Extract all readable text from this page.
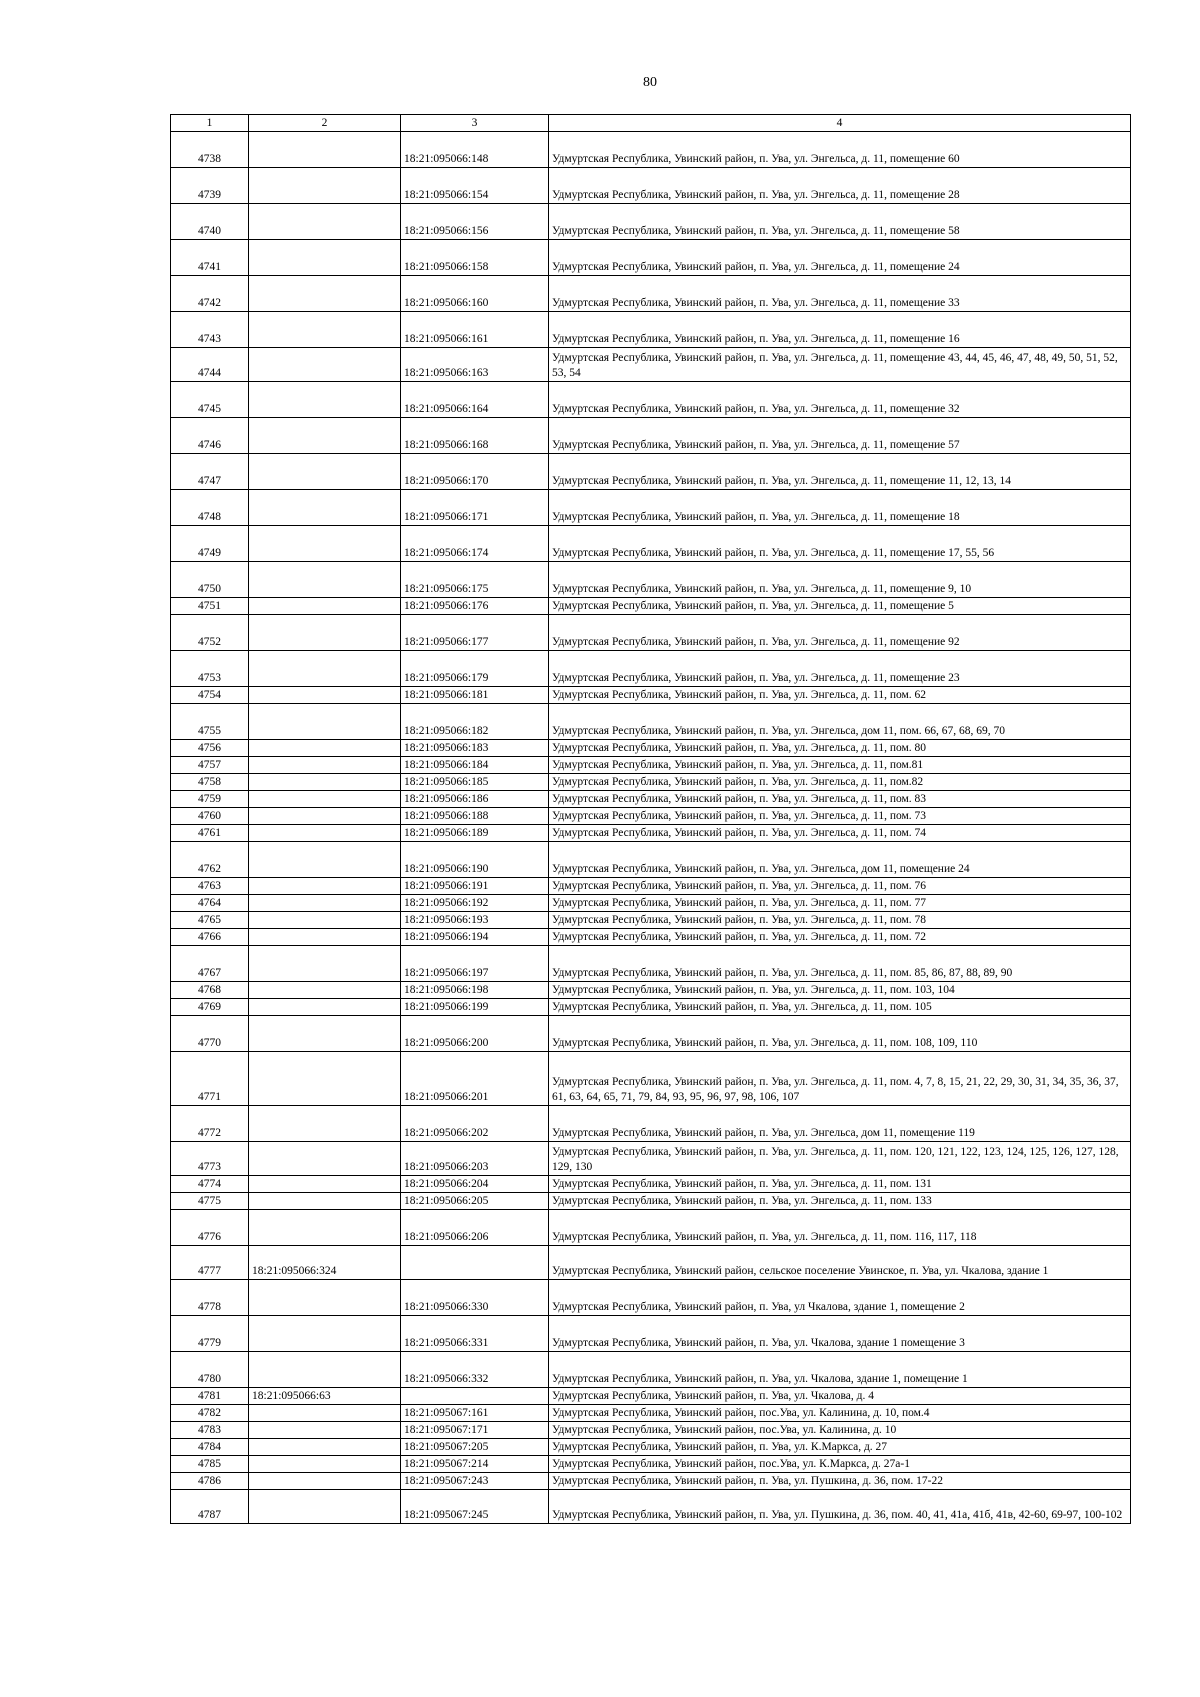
80
1	2	3	4
4738		18:21:095066:148	Удмуртская Республика, Увинский район, п. Ува, ул. Энгельса, д. 11, помещение 60
4739		18:21:095066:154	Удмуртская Республика, Увинский район, п. Ува, ул. Энгельса, д. 11, помещение 28
4740		18:21:095066:156	Удмуртская Республика, Увинский район, п. Ува, ул. Энгельса, д. 11, помещение 58
4741		18:21:095066:158	Удмуртская Республика, Увинский район, п. Ува, ул. Энгельса, д. 11, помещение 24
4742		18:21:095066:160	Удмуртская Республика, Увинский район, п. Ува, ул. Энгельса, д. 11, помещение 33
4743		18:21:095066:161	Удмуртская Республика, Увинский район, п. Ува, ул. Энгельса, д. 11, помещение 16
4744		18:21:095066:163	Удмуртская Республика, Увинский район, п. Ува, ул. Энгельса, д. 11, помещение 43, 44, 45, 46, 47, 48, 49, 50, 51, 52, 53, 54
4745		18:21:095066:164	Удмуртская Республика, Увинский район, п. Ува, ул. Энгельса, д. 11, помещение 32
4746		18:21:095066:168	Удмуртская Республика, Увинский район, п. Ува, ул. Энгельса, д. 11, помещение 57
4747		18:21:095066:170	Удмуртская Республика, Увинский район, п. Ува, ул. Энгельса, д. 11, помещение 11, 12, 13, 14
4748		18:21:095066:171	Удмуртская Республика, Увинский район, п. Ува, ул. Энгельса, д. 11, помещение 18
4749		18:21:095066:174	Удмуртская Республика, Увинский район, п. Ува, ул. Энгельса, д. 11, помещение 17, 55, 56
4750		18:21:095066:175	Удмуртская Республика, Увинский район, п. Ува, ул. Энгельса, д. 11, помещение 9, 10
4751		18:21:095066:176	Удмуртская Республика, Увинский район, п. Ува, ул. Энгельса, д. 11, помещение 5
4752		18:21:095066:177	Удмуртская Республика, Увинский район, п. Ува, ул. Энгельса, д. 11, помещение 92
4753		18:21:095066:179	Удмуртская Республика, Увинский район, п. Ува, ул. Энгельса, д. 11, помещение 23
4754		18:21:095066:181	Удмуртская Республика, Увинский район, п. Ува, ул. Энгельса, д. 11, пом. 62
4755		18:21:095066:182	Удмуртская Республика, Увинский район, п. Ува, ул. Энгельса, дом 11, пом. 66, 67, 68, 69, 70
4756		18:21:095066:183	Удмуртская Республика, Увинский район, п. Ува, ул. Энгельса, д. 11, пом. 80
4757		18:21:095066:184	Удмуртская Республика, Увинский район, п. Ува, ул. Энгельса, д. 11, пом.81
4758		18:21:095066:185	Удмуртская Республика, Увинский район, п. Ува, ул. Энгельса, д. 11, пом.82
4759		18:21:095066:186	Удмуртская Республика, Увинский район, п. Ува, ул. Энгельса, д. 11, пом. 83
4760		18:21:095066:188	Удмуртская Республика, Увинский район, п. Ува, ул. Энгельса, д. 11, пом. 73
4761		18:21:095066:189	Удмуртская Республика, Увинский район, п. Ува, ул. Энгельса, д. 11, пом. 74
4762		18:21:095066:190	Удмуртская Республика, Увинский район, п. Ува, ул. Энгельса, дом 11, помещение 24
4763		18:21:095066:191	Удмуртская Республика, Увинский район, п. Ува, ул. Энгельса, д. 11, пом. 76
4764		18:21:095066:192	Удмуртская Республика, Увинский район, п. Ува, ул. Энгельса, д. 11, пом. 77
4765		18:21:095066:193	Удмуртская Республика, Увинский район, п. Ува, ул. Энгельса, д. 11, пом. 78
4766		18:21:095066:194	Удмуртская Республика, Увинский район, п. Ува, ул. Энгельса, д. 11, пом. 72
4767		18:21:095066:197	Удмуртская Республика, Увинский район, п. Ува, ул. Энгельса, д. 11, пом. 85, 86, 87, 88, 89, 90
4768		18:21:095066:198	Удмуртская Республика, Увинский район, п. Ува, ул. Энгельса, д. 11, пом. 103, 104
4769		18:21:095066:199	Удмуртская Республика, Увинский район, п. Ува, ул. Энгельса, д. 11, пом. 105
4770		18:21:095066:200	Удмуртская Республика, Увинский район, п. Ува, ул. Энгельса, д. 11, пом. 108, 109, 110
4771		18:21:095066:201	Удмуртская Республика, Увинский район, п. Ува, ул. Энгельса, д. 11, пом. 4, 7, 8, 15, 21, 22, 29, 30, 31, 34, 35, 36, 37, 61, 63, 64, 65, 71, 79, 84, 93, 95, 96, 97, 98, 106, 107
4772		18:21:095066:202	Удмуртская Республика, Увинский район, п. Ува, ул. Энгельса, дом 11, помещение 119
4773		18:21:095066:203	Удмуртская Республика, Увинский район, п. Ува, ул. Энгельса, д. 11, пом. 120, 121, 122, 123, 124, 125, 126, 127, 128, 129, 130
4774		18:21:095066:204	Удмуртская Республика, Увинский район, п. Ува, ул. Энгельса, д. 11, пом. 131
4775		18:21:095066:205	Удмуртская Республика, Увинский район, п. Ува, ул. Энгельса, д. 11, пом. 133
4776		18:21:095066:206	Удмуртская Республика, Увинский район, п. Ува, ул. Энгельса, д. 11, пом. 116, 117, 118
4777	18:21:095066:324		Удмуртская Республика, Увинский район, сельское поселение Увинское, п. Ува, ул. Чкалова, здание 1
4778		18:21:095066:330	Удмуртская Республика, Увинский район, п. Ува, ул Чкалова, здание 1, помещение 2
4779		18:21:095066:331	Удмуртская Республика, Увинский район, п. Ува, ул. Чкалова, здание 1 помещение 3
4780		18:21:095066:332	Удмуртская Республика, Увинский район, п. Ува, ул. Чкалова, здание 1, помещение 1
4781	18:21:095066:63		Удмуртская Республика, Увинский район, п. Ува, ул. Чкалова, д. 4
4782		18:21:095067:161	Удмуртская Республика, Увинский район, пос.Ува, ул. Калинина, д. 10, пом.4
4783		18:21:095067:171	Удмуртская Республика, Увинский район, пос.Ува, ул. Калинина, д. 10
4784		18:21:095067:205	Удмуртская Республика, Увинский район, п. Ува, ул. К.Маркса, д. 27
4785		18:21:095067:214	Удмуртская Республика, Увинский район, пос.Ува, ул. К.Маркса, д. 27а-1
4786		18:21:095067:243	Удмуртская Республика, Увинский район, п. Ува, ул. Пушкина, д. 36, пом. 17-22
4787		18:21:095067:245	Удмуртская Республика, Увинский район, п. Ува, ул. Пушкина, д. 36, пом. 40, 41, 41а, 41б, 41в, 42-60, 69-97, 100-102
